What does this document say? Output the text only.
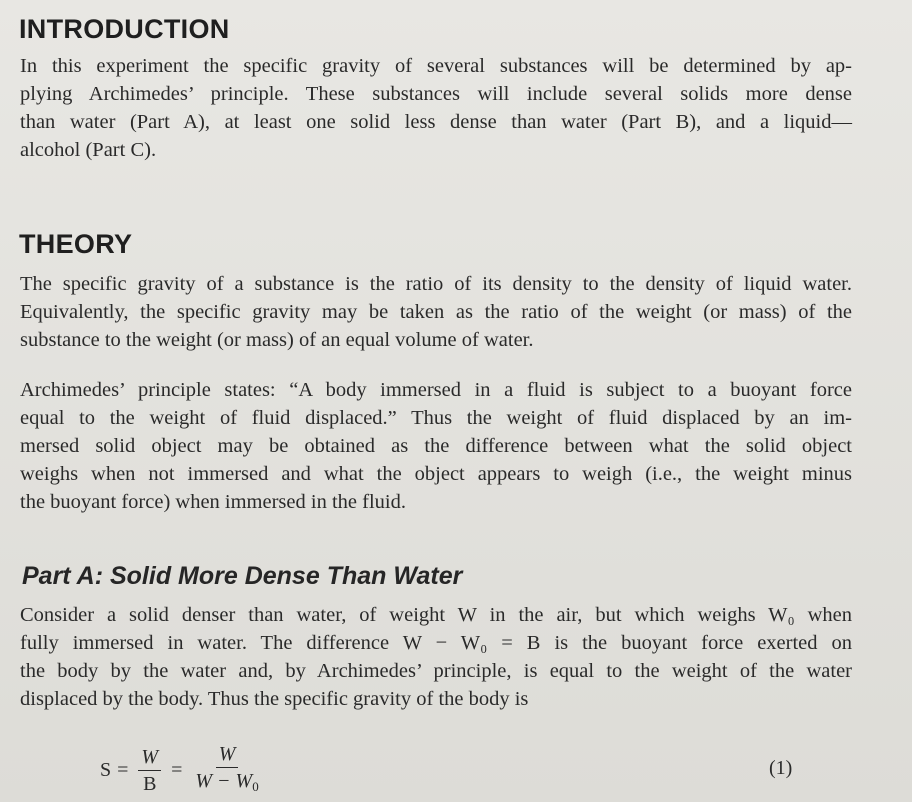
INTRODUCTION

In this experiment the specific gravity of several substances will be determined by ap-
plying Archimedes’ principle. These substances will include several solids more dense
than water (Part A), at least one solid less dense than water (Part B), and a liquid—
alcohol (Part C).

THEORY

The specific gravity of a substance is the ratio of its density to the density of liquid water.
Equivalently, the specific gravity may be taken as the ratio of the weight (or mass) of the
substance to the weight (or mass) of an equal volume of water.

Archimedes’ principle states: “A body immersed in a fluid is subject to a buoyant force
equal to the weight of fluid displaced.” Thus the weight of fluid displaced by an im-
mersed solid object may be obtained as the difference between what the solid object
weighs when not immersed and what the object appears to weigh (i.e., the weight minus
the buoyant force) when immersed in the fluid.

Part A: Solid More Dense Than Water

Consider a solid denser than water, of weight W in the air, but which weighs W₀ when
fully immersed in water. The difference W − W₀ = B is the buoyant force exerted on
the body by the water and, by Archimedes’ principle, is equal to the weight of the water
displaced by the body. Thus the specific gravity of the body is

$S = \frac{W}{B} = \frac{W}{W - W_0}$	(1)
